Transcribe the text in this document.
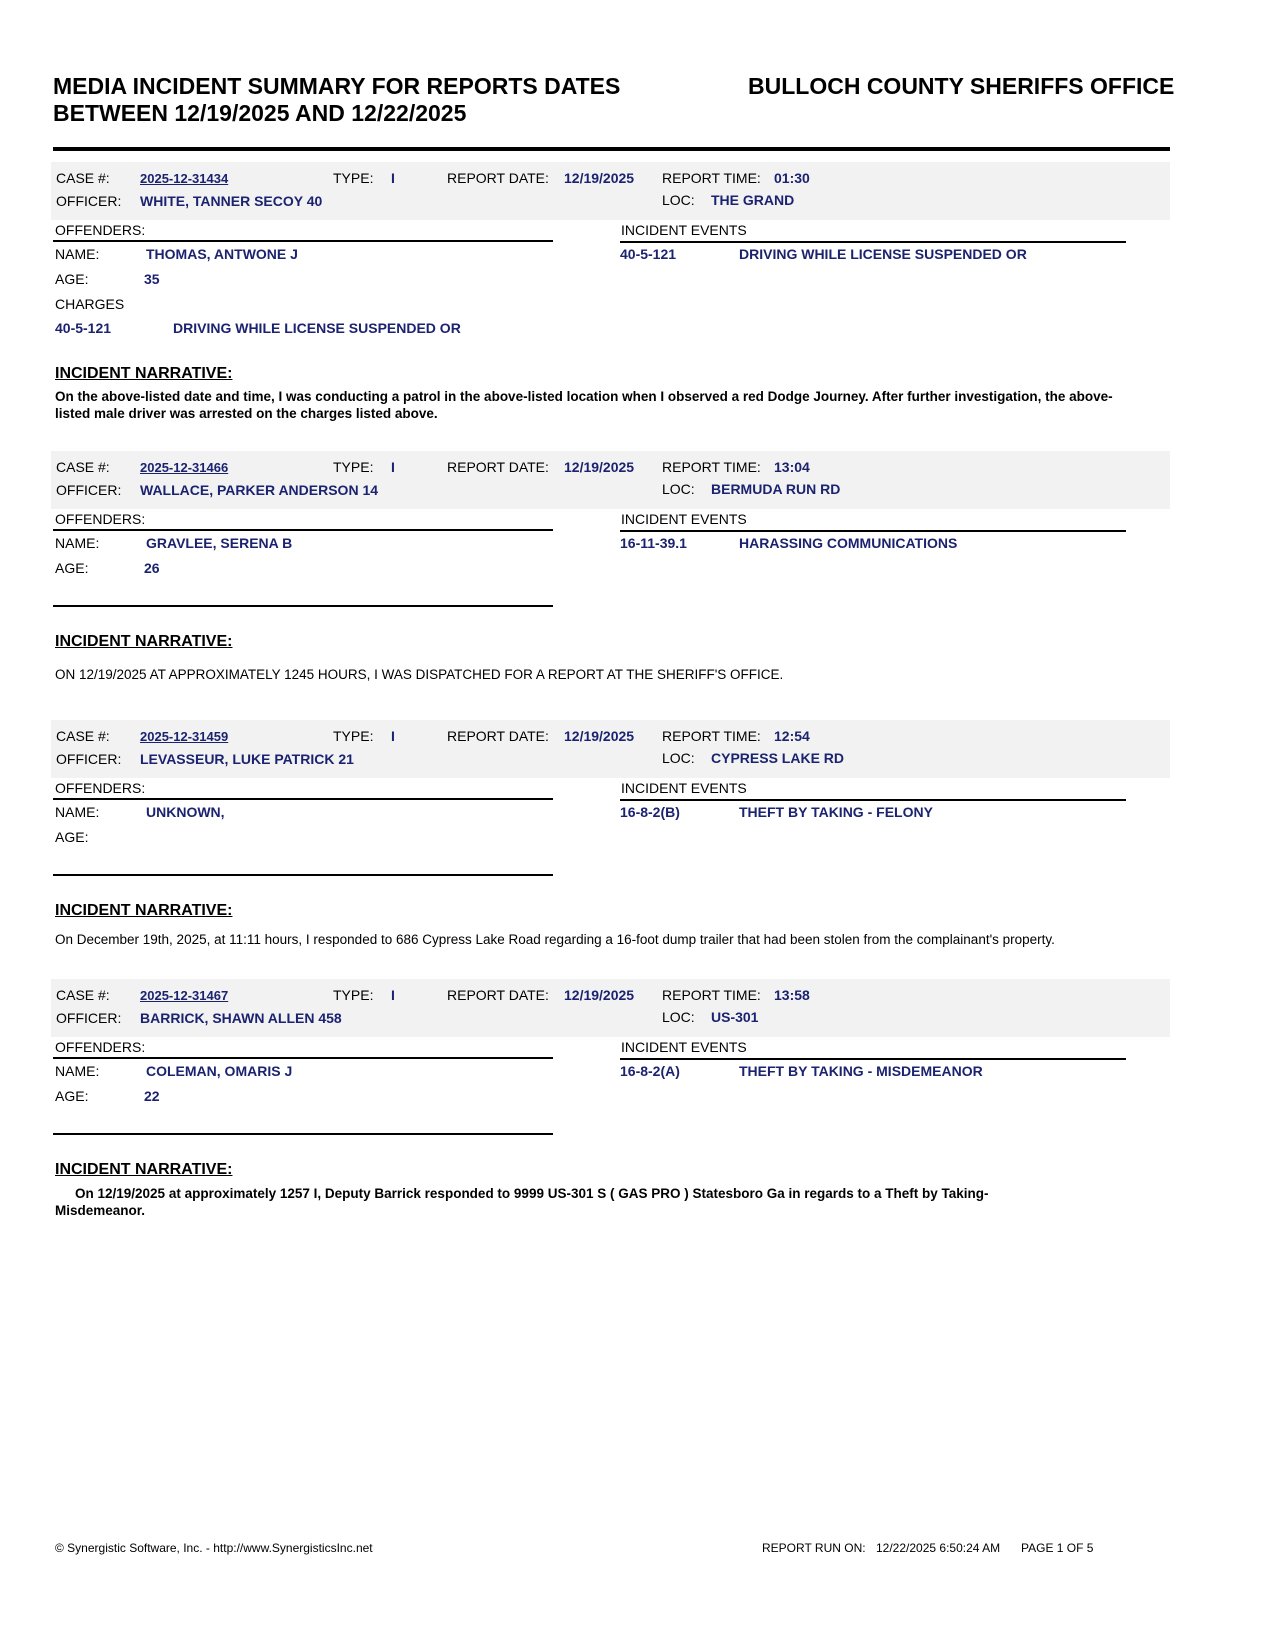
MEDIA INCIDENT SUMMARY FOR REPORTS DATES
BETWEEN 12/19/2025 AND 12/22/2025
BULLOCH COUNTY SHERIFFS OFFICE
CASE #: 2025-12-31434	TYPE: I	REPORT DATE: 12/19/2025 REPORT TIME: 01:30
OFFICER: WHITE, TANNER SECOY 40	LOC: THE GRAND
OFFENDERS:	INCIDENT EVENTS
NAME:	THOMAS, ANTWONE J	40-5-121	DRIVING WHILE LICENSE SUSPENDED OR
AGE:	35
CHARGES
40-5-121	DRIVING WHILE LICENSE SUSPENDED OR
INCIDENT NARRATIVE:

On the above-listed date and time, I was conducting a patrol in the above-listed location when I observed a red Dodge Journey. After further investigation, the above-listed male driver was arrested on the charges listed above.

CASE #: 2025-12-31466	TYPE: I	REPORT DATE: 12/19/2025 REPORT TIME: 13:04
OFFICER: WALLACE, PARKER ANDERSON 14	LOC: BERMUDA RUN RD
OFFENDERS:	INCIDENT EVENTS
NAME:	GRAVLEE, SERENA B	16-11-39.1	HARASSING COMMUNICATIONS
AGE:	26
INCIDENT NARRATIVE:

ON 12/19/2025 AT APPROXIMATELY 1245 HOURS, I WAS DISPATCHED FOR A REPORT AT THE SHERIFF'S OFFICE.

CASE #: 2025-12-31459	TYPE: I	REPORT DATE: 12/19/2025 REPORT TIME: 12:54
OFFICER: LEVASSEUR, LUKE PATRICK 21	LOC: CYPRESS LAKE RD
OFFENDERS:	INCIDENT EVENTS
NAME:	UNKNOWN,	16-8-2(B)	THEFT BY TAKING - FELONY
AGE:
INCIDENT NARRATIVE:

On December 19th, 2025, at 11:11 hours, I responded to 686 Cypress Lake Road regarding a 16-foot dump trailer that had been stolen from the complainant's property.

CASE #: 2025-12-31467	TYPE: I	REPORT DATE: 12/19/2025 REPORT TIME: 13:58
OFFICER: BARRICK, SHAWN ALLEN 458	LOC: US-301
OFFENDERS:	INCIDENT EVENTS
NAME:	COLEMAN, OMARIS J	16-8-2(A)	THEFT BY TAKING - MISDEMEANOR
AGE:	22
INCIDENT NARRATIVE:

On 12/19/2025 at approximately 1257 I, Deputy Barrick responded to 9999 US-301 S ( GAS PRO ) Statesboro Ga in regards to a Theft by Taking- Misdemeanor.

© Synergistic Software, Inc. - http://www.SynergisticsInc.net	REPORT RUN ON: 12/22/2025 6:50:24 AM PAGE 1 OF 5
